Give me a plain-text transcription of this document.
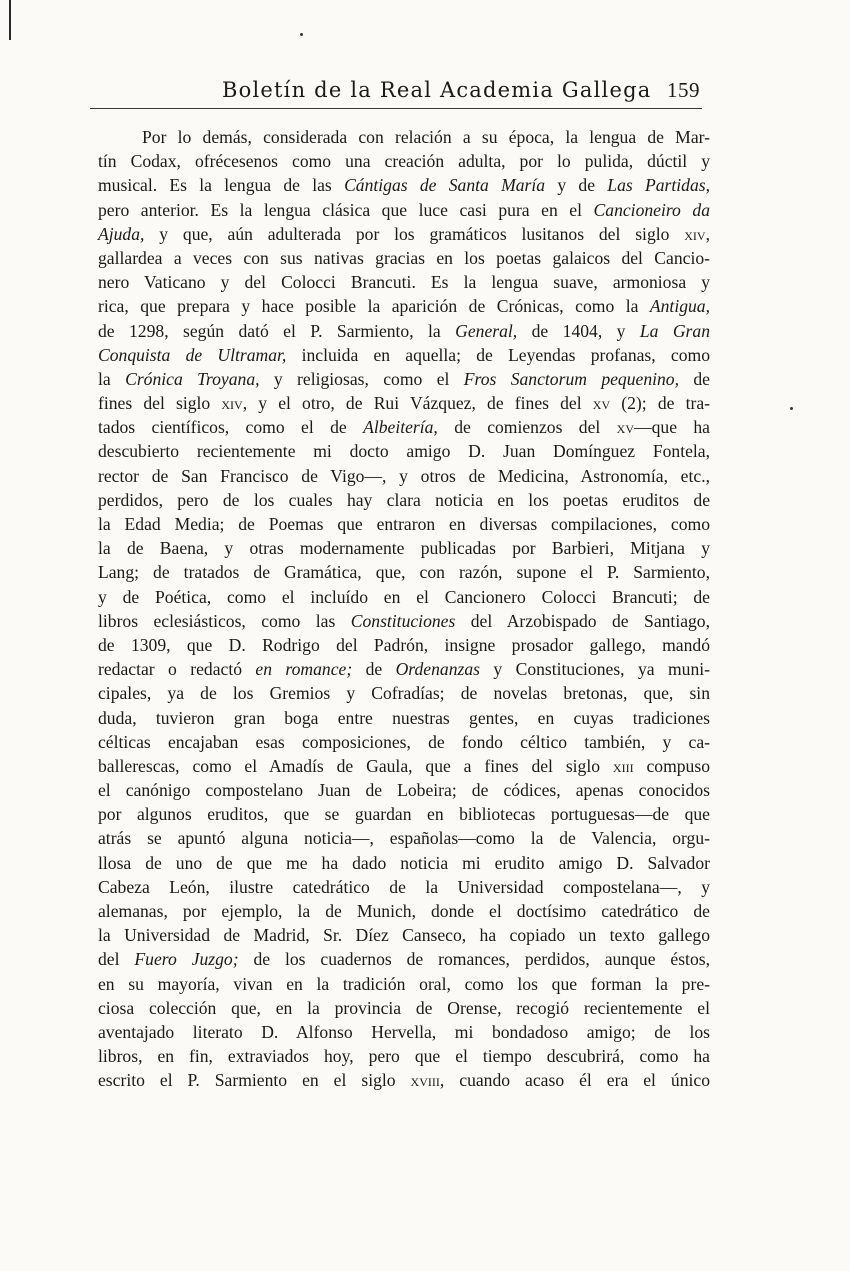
Boletín de la Real Academia Gallega 159
Por lo demás, considerada con relación a su época, la lengua de Mar-
tín Codax, ofrécesenos como una creación adulta, por lo pulida, dúctil y
musical. Es la lengua de las Cántigas de Santa María y de Las Partidas,
pero anterior. Es la lengua clásica que luce casi pura en el Cancioneiro da
Ajuda, y que, aún adulterada por los gramáticos lusitanos del siglo xiv,
gallardea a veces con sus nativas gracias en los poetas galaicos del Cancio-
nero Vaticano y del Colocci Brancuti. Es la lengua suave, armoniosa y
rica, que prepara y hace posible la aparición de Crónicas, como la Antigua,
de 1298, según dató el P. Sarmiento, la General, de 1404, y La Gran
Conquista de Ultramar, incluida en aquella; de Leyendas profanas, como
la Crónica Troyana, y religiosas, como el Fros Sanctorum pequenino, de
fines del siglo xiv, y el otro, de Rui Vázquez, de fines del xv (2); de tra-
tados científicos, como el de Albeitería, de comienzos del xv—que ha
descubierto recientemente mi docto amigo D. Juan Domínguez Fontela,
rector de San Francisco de Vigo—, y otros de Medicina, Astronomía, etc.,
perdidos, pero de los cuales hay clara noticia en los poetas eruditos de
la Edad Media; de Poemas que entraron en diversas compilaciones, como
la de Baena, y otras modernamente publicadas por Barbieri, Mitjana y
Lang; de tratados de Gramática, que, con razón, supone el P. Sarmiento,
y de Poética, como el incluído en el Cancionero Colocci Brancuti; de
libros eclesiásticos, como las Constituciones del Arzobispado de Santiago,
de 1309, que D. Rodrigo del Padrón, insigne prosador gallego, mandó
redactar o redactó en romance; de Ordenanzas y Constituciones, ya muni-
cipales, ya de los Gremios y Cofradías; de novelas bretonas, que, sin
duda, tuvieron gran boga entre nuestras gentes, en cuyas tradiciones
célticas encajaban esas composiciones, de fondo céltico también, y ca-
ballerescas, como el Amadís de Gaula, que a fines del siglo xiii compuso
el canónigo compostelano Juan de Lobeira; de códices, apenas conocidos
por algunos eruditos, que se guardan en bibliotecas portuguesas—de que
atrás se apuntó alguna noticia—, españolas—como la de Valencia, orgu-
llosa de uno de que me ha dado noticia mi erudito amigo D. Salvador
Cabeza León, ilustre catedrático de la Universidad compostelana—, y
alemanas, por ejemplo, la de Munich, donde el doctísimo catedrático de
la Universidad de Madrid, Sr. Díez Canseco, ha copiado un texto gallego
del Fuero Juzgo; de los cuadernos de romances, perdidos, aunque éstos,
en su mayoría, vivan en la tradición oral, como los que forman la pre-
ciosa colección que, en la provincia de Orense, recogió recientemente el
aventajado literato D. Alfonso Hervella, mi bondadoso amigo; de los
libros, en fin, extraviados hoy, pero que el tiempo descubrirá, como ha
escrito el P. Sarmiento en el siglo xviii, cuando acaso él era el único
